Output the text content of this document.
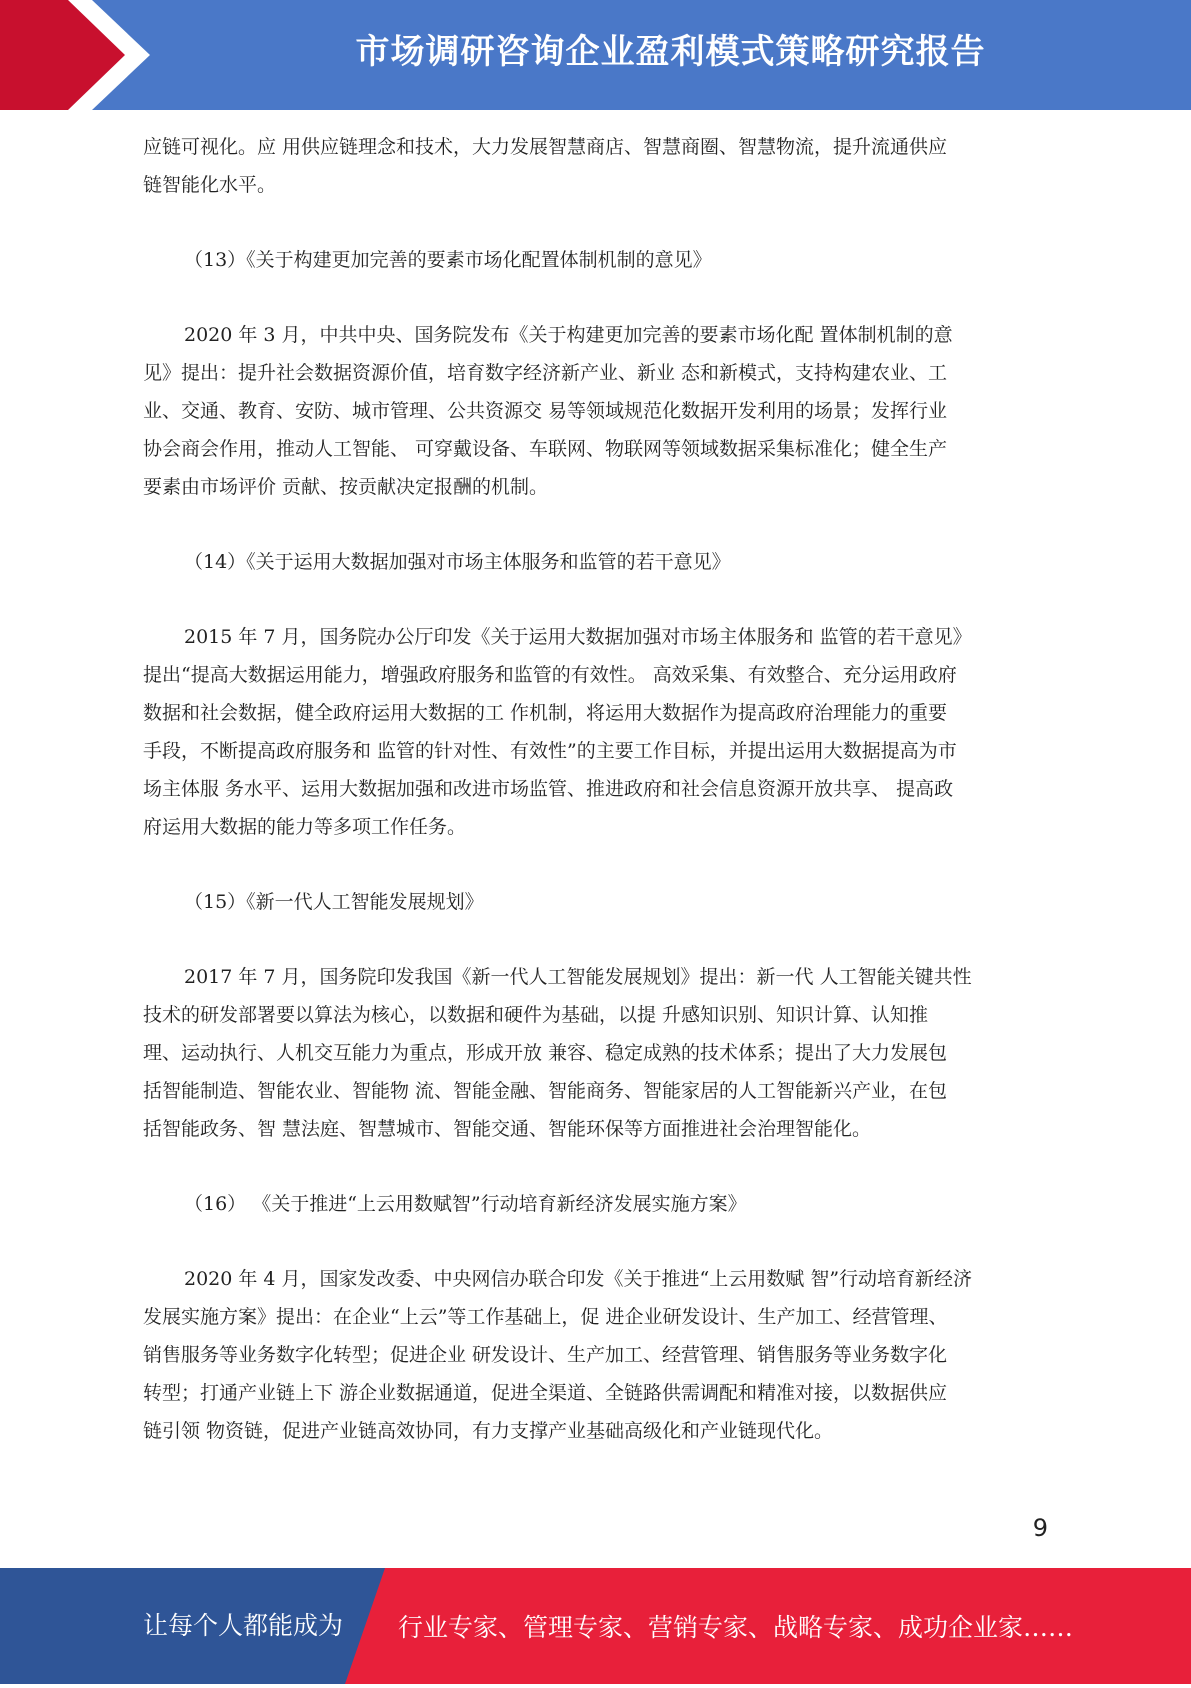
市场调研咨询企业盈利模式策略研究报告
应链可视化。应 用供应链理念和技术，大力发展智慧商店、智慧商圈、智慧物流，提升流通供应
链智能化水平。
（13）《关于构建更加完善的要素市场化配置体制机制的意见》
2020 年 3 月，中共中央、国务院发布《关于构建更加完善的要素市场化配 置体制机制的意
见》提出：提升社会数据资源价值，培育数字经济新产业、新业 态和新模式，支持构建农业、工
业、交通、教育、安防、城市管理、公共资源交 易等领域规范化数据开发利用的场景；发挥行业
协会商会作用，推动人工智能、 可穿戴设备、车联网、物联网等领域数据采集标准化；健全生产
要素由市场评价 贡献、按贡献决定报酬的机制。
（14）《关于运用大数据加强对市场主体服务和监管的若干意见》
2015 年 7 月，国务院办公厅印发《关于运用大数据加强对市场主体服务和 监管的若干意见》
提出“提高大数据运用能力，增强政府服务和监管的有效性。 高效采集、有效整合、充分运用政府
数据和社会数据，健全政府运用大数据的工 作机制，将运用大数据作为提高政府治理能力的重要
手段，不断提高政府服务和 监管的针对性、有效性”的主要工作目标，并提出运用大数据提高为市
场主体服 务水平、运用大数据加强和改进市场监管、推进政府和社会信息资源开放共享、 提高政
府运用大数据的能力等多项工作任务。
（15）《新一代人工智能发展规划》
2017 年 7 月，国务院印发我国《新一代人工智能发展规划》提出：新一代 人工智能关键共性
技术的研发部署要以算法为核心，以数据和硬件为基础，以提 升感知识别、知识计算、认知推
理、运动执行、人机交互能力为重点，形成开放 兼容、稳定成熟的技术体系；提出了大力发展包
括智能制造、智能农业、智能物 流、智能金融、智能商务、智能家居的人工智能新兴产业，在包
括智能政务、智 慧法庭、智慧城市、智能交通、智能环保等方面推进社会治理智能化。
（16） 《关于推进“上云用数赋智”行动培育新经济发展实施方案》
2020 年 4 月，国家发改委、中央网信办联合印发《关于推进“上云用数赋 智”行动培育新经济
发展实施方案》提出：在企业“上云”等工作基础上，促 进企业研发设计、生产加工、经营管理、
销售服务等业务数字化转型；促进企业 研发设计、生产加工、经营管理、销售服务等业务数字化
转型；打通产业链上下 游企业数据通道，促进全渠道、全链路供需调配和精准对接，以数据供应
链引领 物资链，促进产业链高效协同，有力支撑产业基础高级化和产业链现代化。
9
让每个人都能成为 行业专家、管理专家、营销专家、战略专家、成功企业家……
